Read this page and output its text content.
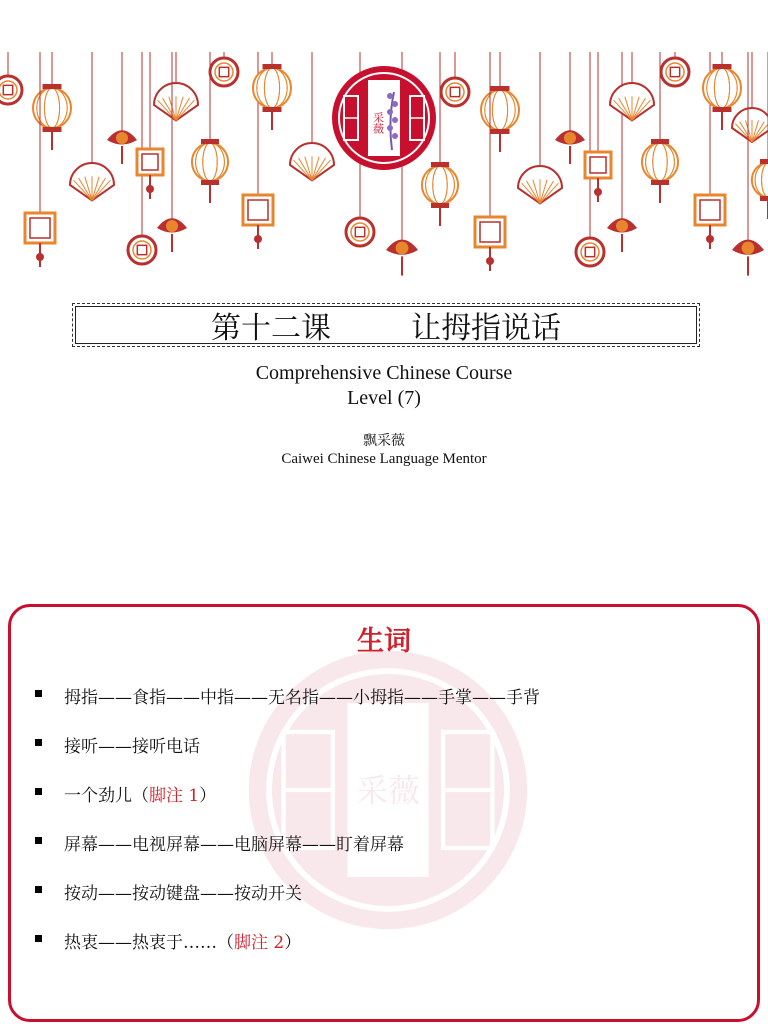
采薇
第十二课	让拇指说话
Comprehensive Chinese Course
Level (7)
飘采薇
Caiwei Chinese Language Mentor
采薇
生词
拇指——食指——中指——无名指——小拇指——手掌——手背
接听——接听电话
一个劲儿（脚注 1）
屏幕——电视屏幕——电脑屏幕——盯着屏幕
按动——按动键盘——按动开关
热衷——热衷于……（脚注 2）
